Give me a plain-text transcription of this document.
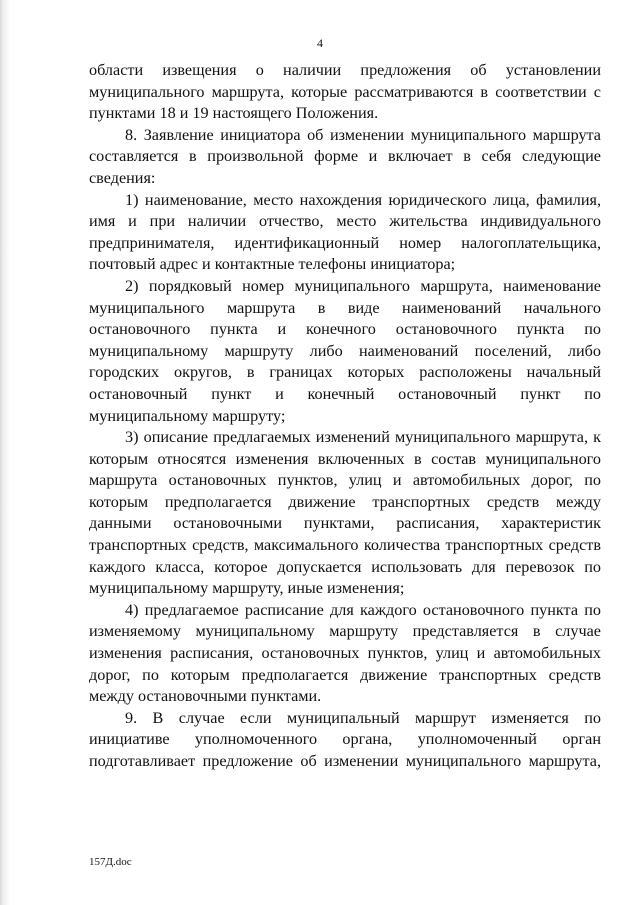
4

области извещения о наличии предложения об установлении муниципального маршрута, которые рассматриваются в соответствии с пунктами 18 и 19 настоящего Положения.

8. Заявление инициатора об изменении муниципального маршрута составляется в произвольной форме и включает в себя следующие сведения:

1) наименование, место нахождения юридического лица, фамилия, имя и при наличии отчество, место жительства индивидуального предпринимателя, идентификационный номер налогоплательщика, почтовый адрес и контактные телефоны инициатора;

2) порядковый номер муниципального маршрута, наименование муниципального маршрута в виде наименований начального остановочного пункта и конечного остановочного пункта по муниципальному маршруту либо наименований поселений, либо городских округов, в границах которых расположены начальный остановочный пункт и конечный остановочный пункт по муниципальному маршруту;

3) описание предлагаемых изменений муниципального маршрута, к которым относятся изменения включенных в состав муниципального маршрута остановочных пунктов, улиц и автомобильных дорог, по которым предполагается движение транспортных средств между данными остановочными пунктами, расписания, характеристик транспортных средств, максимального количества транспортных средств каждого класса, которое допускается использовать для перевозок по муниципальному маршруту, иные изменения;

4) предлагаемое расписание для каждого остановочного пункта по изменяемому муниципальному маршруту представляется в случае изменения расписания, остановочных пунктов, улиц и автомобильных дорог, по которым предполагается движение транспортных средств между остановочными пунктами.

9. В случае если муниципальный маршрут изменяется по инициативе уполномоченного органа, уполномоченный орган подготавливает предложение об изменении муниципального маршрута,

157Д.doc
